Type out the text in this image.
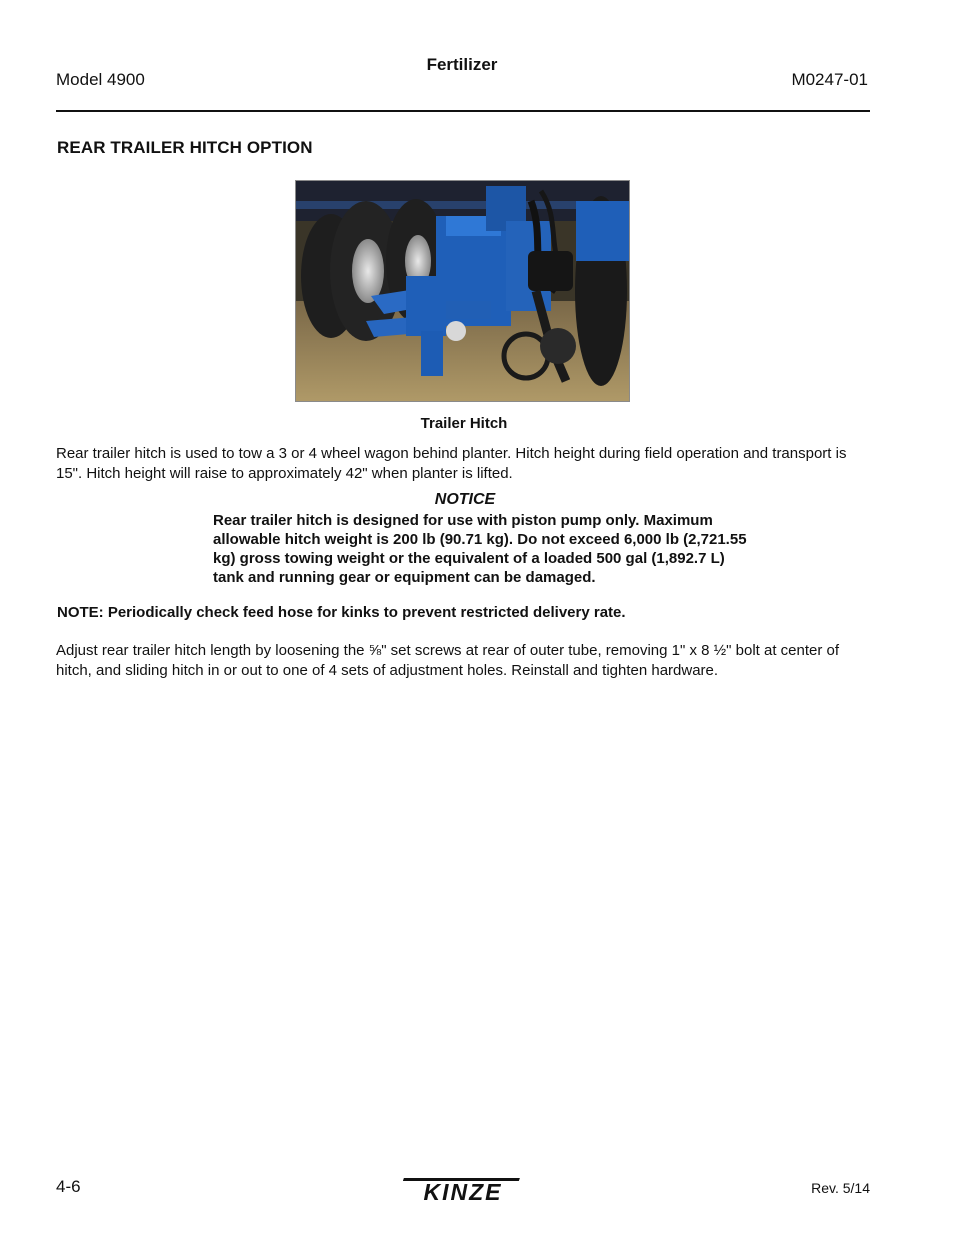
Model 4900
Fertilizer
M0247-01
REAR TRAILER HITCH OPTION
Trailer Hitch
Rear trailer hitch is used to tow a 3 or 4 wheel wagon behind planter. Hitch height during field operation and transport is 15". Hitch height will raise to approximately 42" when planter is lifted.
NOTICE
Rear trailer hitch is designed for use with piston pump only. Maximum allowable hitch weight is 200 lb (90.71 kg). Do not exceed 6,000 lb (2,721.55 kg) gross towing weight or the equivalent of a loaded 500 gal (1,892.7 L) tank and running gear or equipment can be damaged.
NOTE: Periodically check feed hose for kinks to prevent restricted delivery rate.
Adjust rear trailer hitch length by loosening the ⅝" set screws at rear of outer tube, removing 1" x 8 ½" bolt at center of hitch, and sliding hitch in or out to one of 4 sets of adjustment holes. Reinstall and tighten hardware.
4-6	KINZE	Rev. 5/14
